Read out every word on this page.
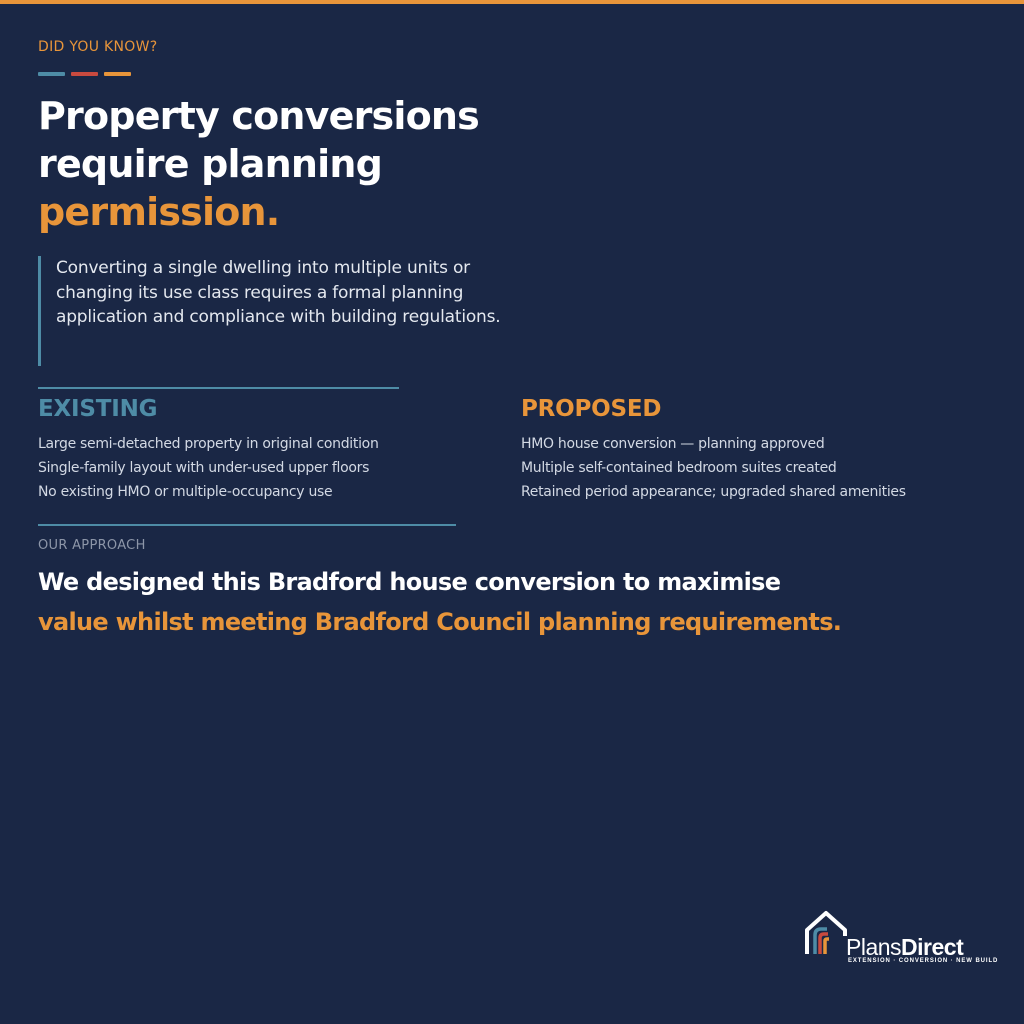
DID YOU KNOW?
Property conversions
require planning
permission.
Converting a single dwelling into multiple units or changing its use class requires a formal planning application and compliance with building regulations.
EXISTING
Large semi-detached property in original condition
Single-family layout with under-used upper floors
No existing HMO or multiple-occupancy use
PROPOSED
HMO house conversion — planning approved
Multiple self-contained bedroom suites created
Retained period appearance; upgraded shared amenities
OUR APPROACH

We designed this Bradford house conversion to maximise
value whilst meeting Bradford Council planning requirements.

PlansDirect
EXTENSION · CONVERSION · NEW BUILD
